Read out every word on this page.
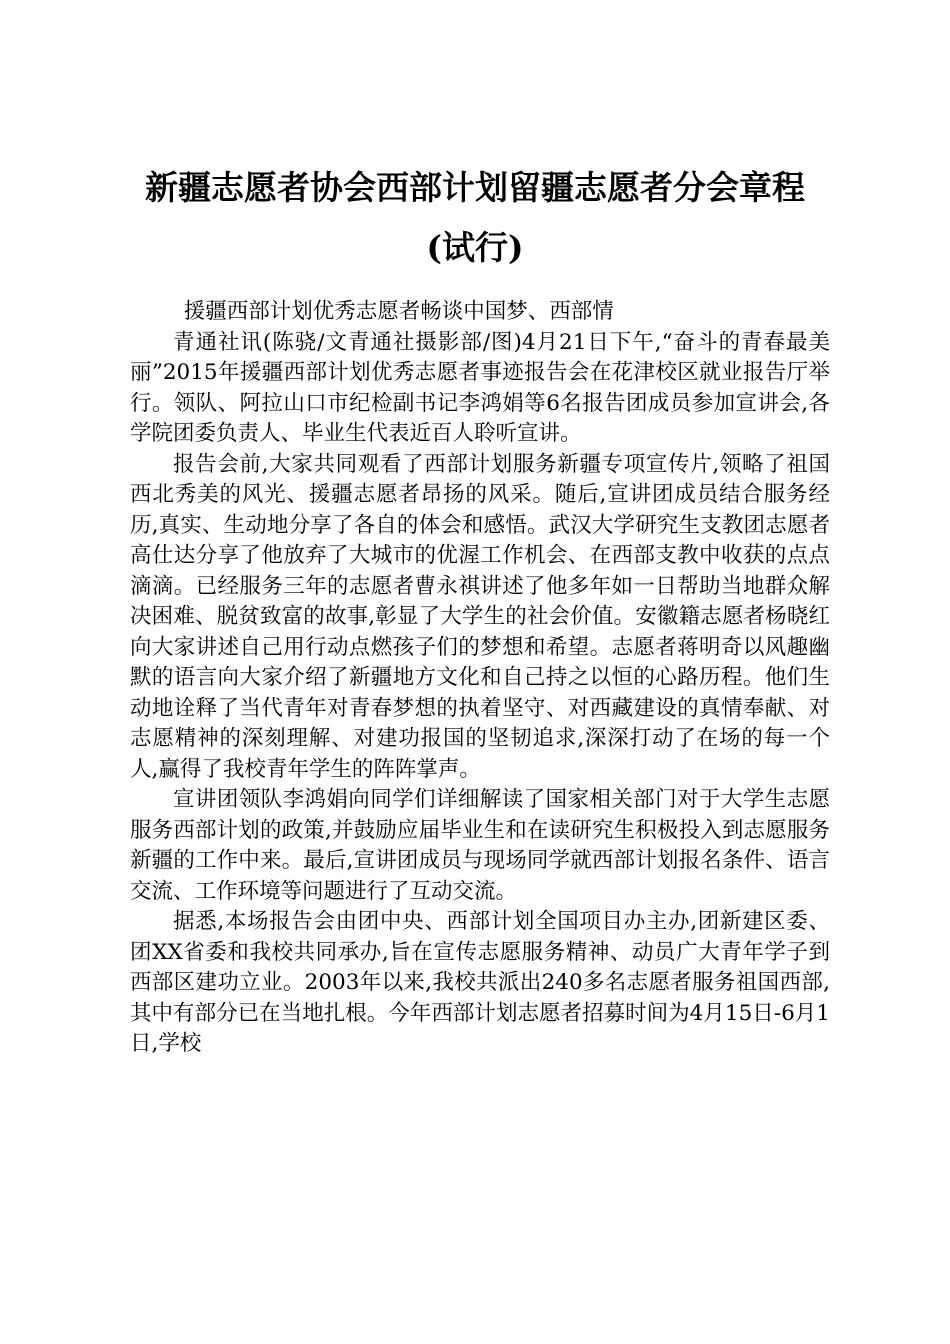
新疆志愿者协会西部计划留疆志愿者分会章程
(试行)

援疆西部计划优秀志愿者畅谈中国梦、西部情

青通社讯(陈骁/文青通社摄影部/图)4月21日下午,“奋斗的青春最美丽”2015年援疆西部计划优秀志愿者事迹报告会在花津校区就业报告厅举行。领队、阿拉山口市纪检副书记李鸿娟等6名报告团成员参加宣讲会,各学院团委负责人、毕业生代表近百人聆听宣讲。

报告会前,大家共同观看了西部计划服务新疆专项宣传片,领略了祖国西北秀美的风光、援疆志愿者昂扬的风采。随后,宣讲团成员结合服务经历,真实、生动地分享了各自的体会和感悟。武汉大学研究生支教团志愿者高仕达分享了他放弃了大城市的优渥工作机会、在西部支教中收获的点点滴滴。已经服务三年的志愿者曹永祺讲述了他多年如一日帮助当地群众解决困难、脱贫致富的故事,彰显了大学生的社会价值。安徽籍志愿者杨晓红向大家讲述自己用行动点燃孩子们的梦想和希望。志愿者蒋明奇以风趣幽默的语言向大家介绍了新疆地方文化和自己持之以恒的心路历程。他们生动地诠释了当代青年对青春梦想的执着坚守、对西藏建设的真情奉献、对志愿精神的深刻理解、对建功报国的坚韧追求,深深打动了在场的每一个人,赢得了我校青年学生的阵阵掌声。

宣讲团领队李鸿娟向同学们详细解读了国家相关部门对于大学生志愿服务西部计划的政策,并鼓励应届毕业生和在读研究生积极投入到志愿服务新疆的工作中来。最后,宣讲团成员与现场同学就西部计划报名条件、语言交流、工作环境等问题进行了互动交流。

据悉,本场报告会由团中央、西部计划全国项目办主办,团新建区委、团XX省委和我校共同承办,旨在宣传志愿服务精神、动员广大青年学子到西部区建功立业。2003年以来,我校共派出240多名志愿者服务祖国西部,其中有部分已在当地扎根。今年西部计划志愿者招募时间为4月15日-6月1日,学校
